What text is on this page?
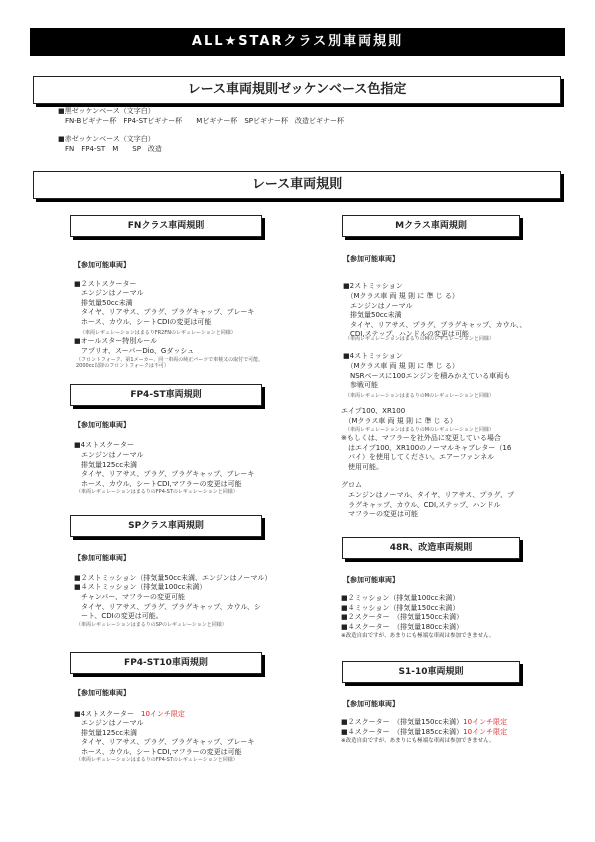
ALL★STARクラス別車両規則
レース車両規則ゼッケンベース色指定
■黒ゼッケンベース（文字白）
FN-Bビギナー杯　FP4-STビギナー杯　　Mビギナー杯　SPビギナー杯　改造ビギナー杯
■赤ゼッケンベース（文字白）
FN　FP4-ST　M　　SP　改造
レース車両規則
FNクラス車両規則
【参加可能車両】
■２ストスクーター
　エンジンはノーマル
　排気量50cc未満
　タイヤ、リアサス、プラグ、プラグキャップ、ブレーキ
　ホース、カウル、シートCDIの変更は可能
（車両レギュレーションはまるりFR2FNのレギュレーションと同様）
■オールスター特別ルール
　アプリオ、スーパーDio、Gダッシュ
（フロントフォーク、第1メーカー、同一車両の純正パーツで車検又の取付で可能、
2000cc以降のフロントフォークは不可）
FP4-ST車両規則
【参加可能車両】
■4ストスクーター
　エンジンはノーマル
　排気量125cc未満
　タイヤ、リアサス、プラグ、プラグキャップ、ブレーキ
　ホース、カウル、シートCDI,マフラーの変更は可能
（車両レギュレーションはまるりのFP4-STのレギュレーションと同様）
SPクラス車両規則
【参加可能車両】
■２ストミッション（排気量50cc未満、エンジンはノーマル）
■４ストミッション（排気量100cc未満）
　チャンバー、マフラーの変更可能
　タイヤ、リアサス、プラグ、プラグキャップ、カウル、シ
　ート、CDIの変更は可能。
（車両レギュレーションはまるりのSPのレギュレーションと同様）
FP4-ST10車両規則
【参加可能車両】
■4ストスクーター　 10インチ限定
　エンジンはノーマル
　排気量125cc未満
　タイヤ、リアサス、プラグ、プラグキャップ、ブレーキ
　ホース、カウル、シートCDI,マフラーの変更は可能
（車両レギュレーションはまるりのFP4-STのレギュレーションと同様）
Mクラス車両規則
【参加可能車両】
■2ストミッション
　（Mクラス車 両 規 則 に 準 じ る）
　エンジンはノーマル
　排気量50cc未満
　タイヤ、リアサス、プラグ、プラグキャップ、カウル、、
　CDI,ステップ、ハンドルの変更は可能
（車両レギュレーションはまるりのMのレギュレーションと同様）
■4ストミッション
　（Mクラス車 両 規 則 に 準 じ る）
　NSRベースに100エンジンを積みかえている車両も
　参戦可能
（車両レギュレーションはまるりのMのレギュレーションと同様）
エイプ100、XR100
　（Mクラス車 両 規 則 に 準 じ る）
（車両レギュレーションはまるりのMのレギュレーションと同様）
※もしくは、マフラーを社外品に変更している場合
　はエイプ100、XR100のノーマルキャブレター（16
　パイ）を使用してください。エアーファンネル
　使用可能。
グロム
　エンジンはノーマル、タイヤ、リアサス、プラグ、プ
　ラグキャップ、カウル、CDI,ステップ、ハンドル
　マフラーの変更は可能
48R、改造車両規則
【参加可能車両】
■２ミッション（排気量100cc未満）
■４ミッション（排気量150cc未満）
■２スクーター　（排気量150cc未満）
■４スクーター　（排気量180cc未満）
※改造自由ですが、あまりにも極端な車両は参加できません。
S1-10車両規則
【参加可能車両】
■２スクーター　（排気量150cc未満）10インチ限定
■４スクーター　（排気量185cc未満）10インチ限定
※改造自由ですが、あまりにも極端な車両は参加できません。
